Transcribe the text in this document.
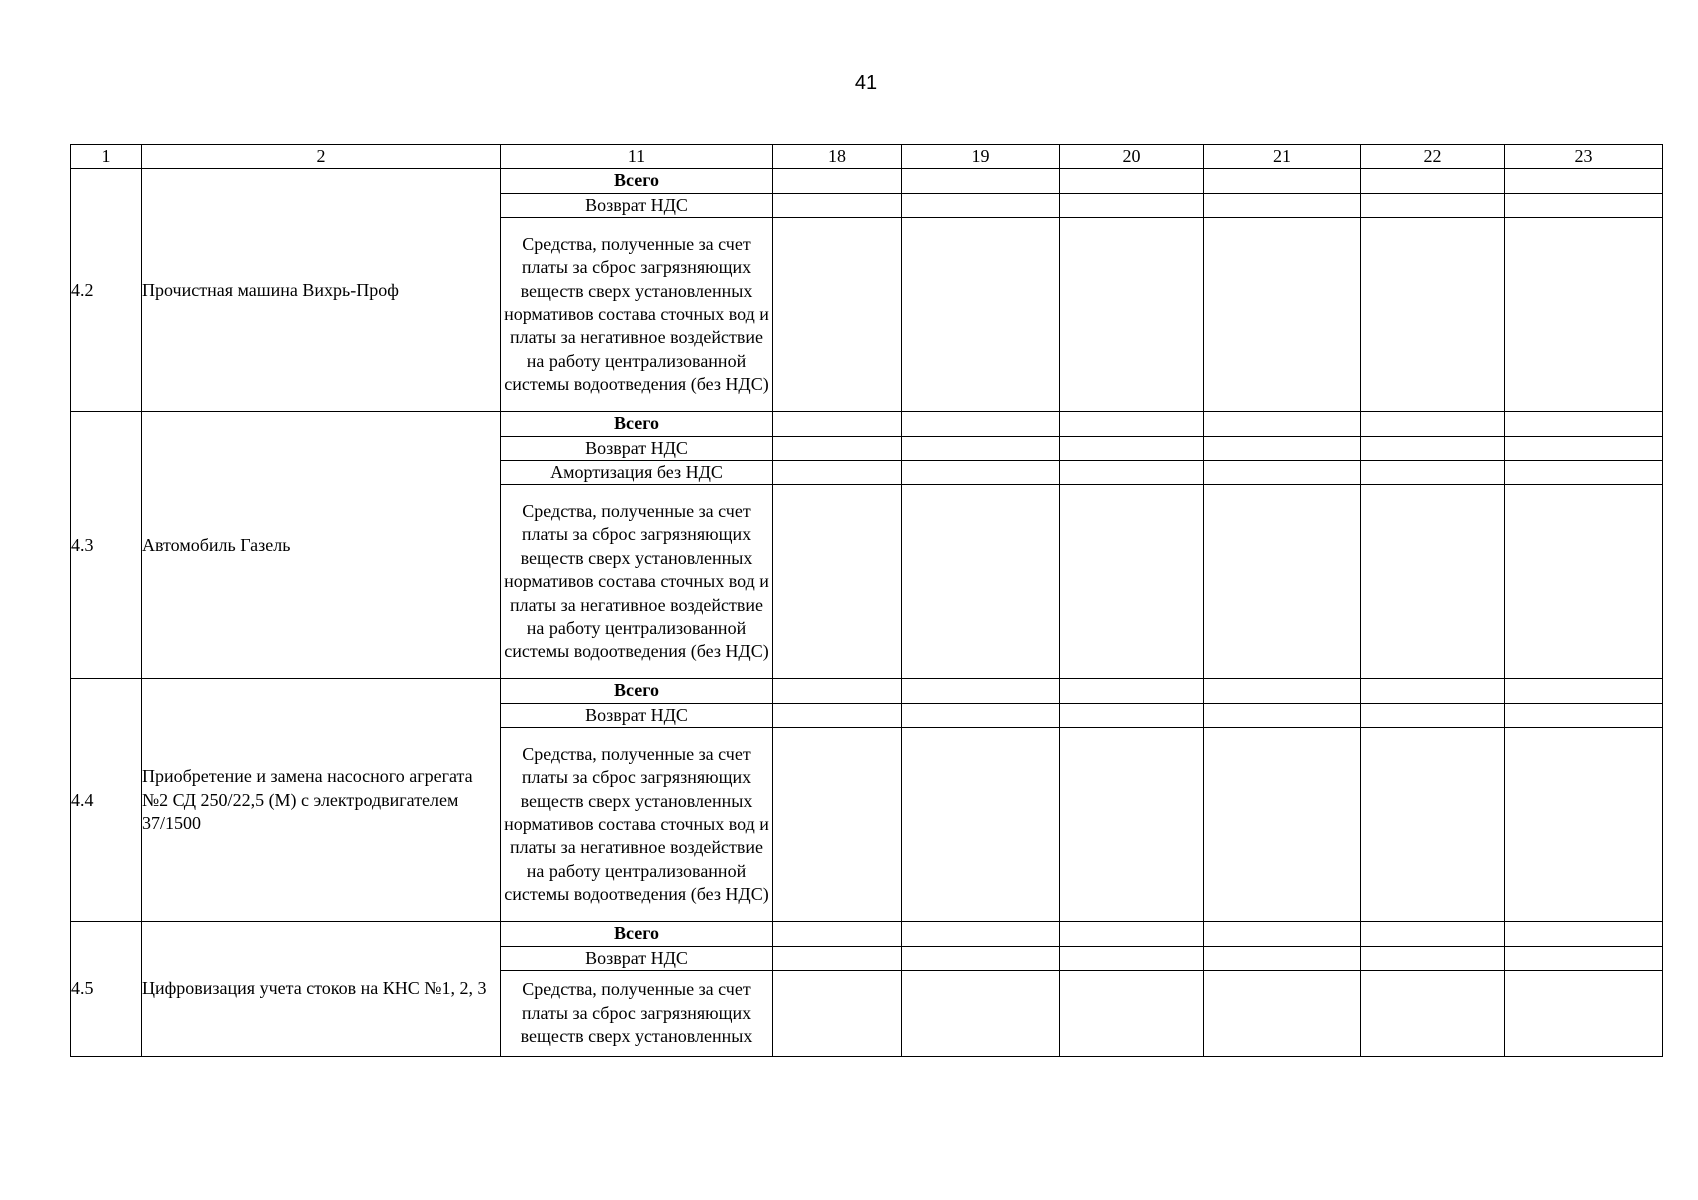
41
1	2	11	18	19	20	21	22	23
4.2	Прочистная машина Вихрь-Проф	Всего						
		Возврат НДС						
		Средства, полученные за счет платы за сброс загрязняющих веществ сверх установленных нормативов состава сточных вод и платы за негативное воздействие на работу централизованной системы водоотведения (без НДС)						
4.3	Автомобиль Газель	Всего						
		Возврат НДС						
		Амортизация без НДС						
		Средства, полученные за счет платы за сброс загрязняющих веществ сверх установленных нормативов состава сточных вод и платы за негативное воздействие на работу централизованной системы водоотведения (без НДС)						
4.4	Приобретение и замена насосного агрегата №2 СД 250/22,5 (М) с электродвигателем 37/1500	Всего						
		Возврат НДС						
		Средства, полученные за счет платы за сброс загрязняющих веществ сверх установленных нормативов состава сточных вод и платы за негативное воздействие на работу централизованной системы водоотведения (без НДС)						
4.5	Цифровизация учета стоков на КНС №1, 2, 3	Всего						
		Возврат НДС						
		Средства, полученные за счет платы за сброс загрязняющих веществ сверх установленных						
